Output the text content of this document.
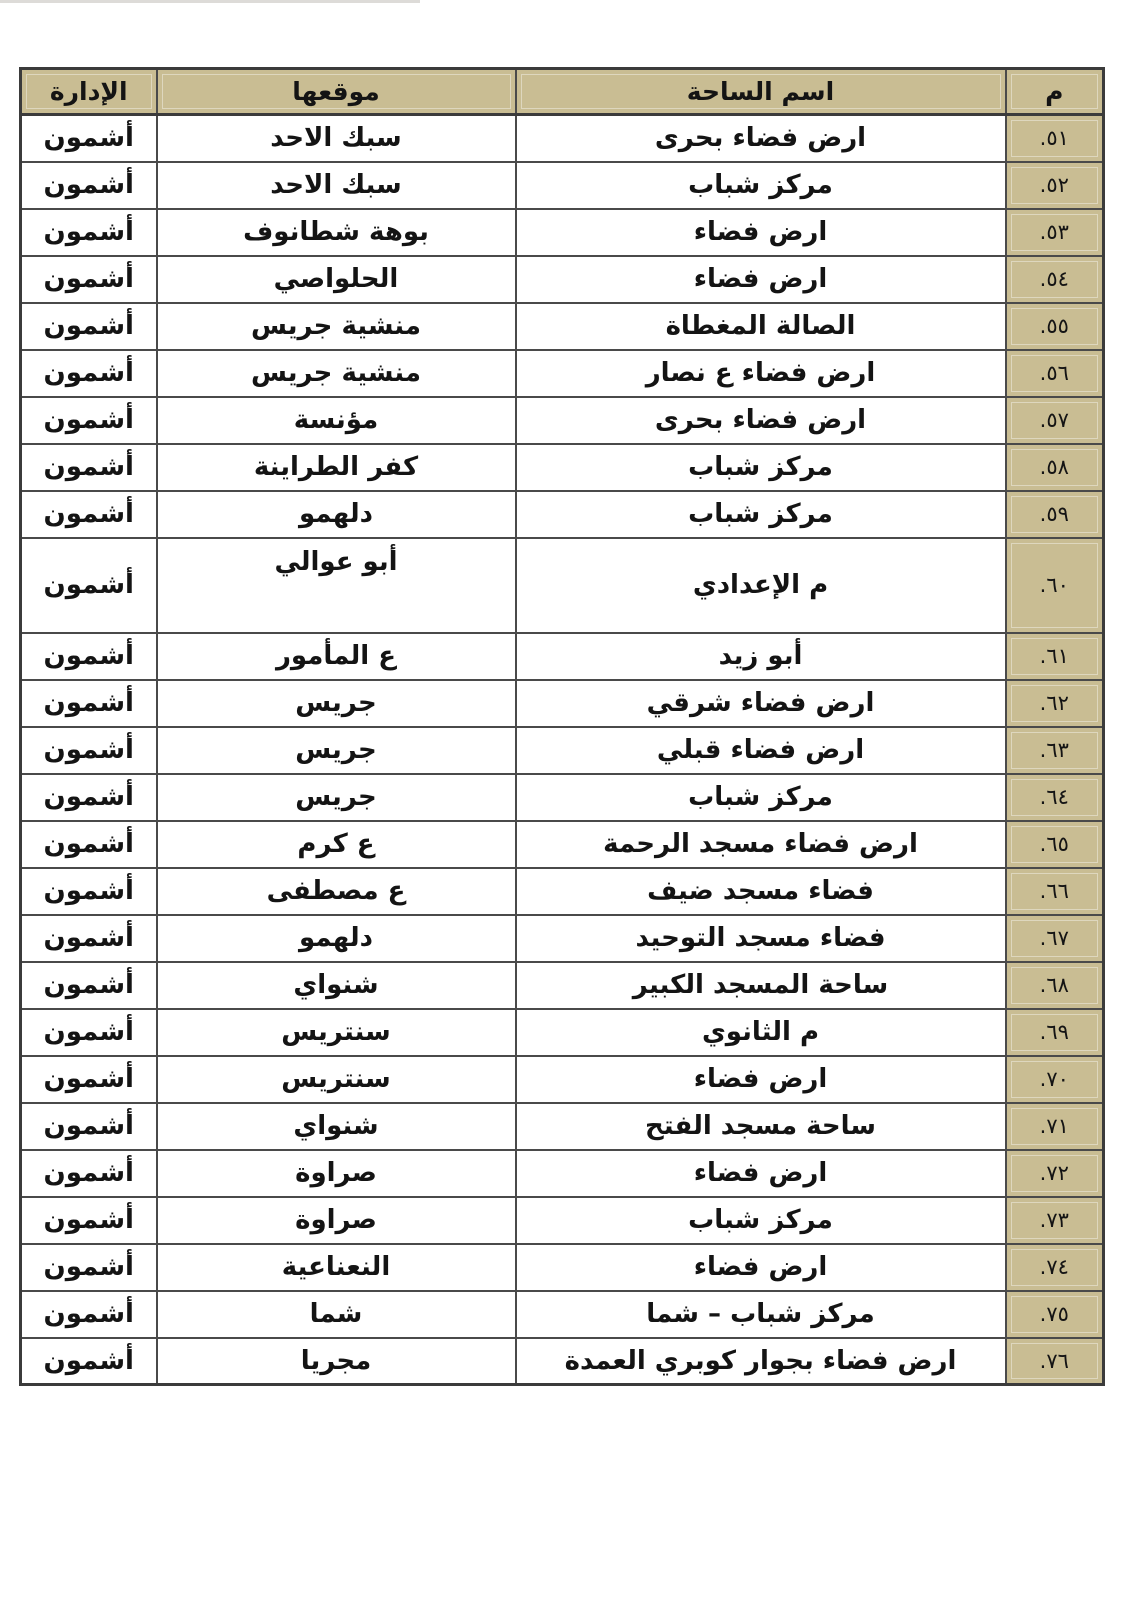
م	اسم الساحة	موقعها	الإدارة
٥١.	ارض فضاء بحرى	سبك الاحد	أشمون
٥٢.	مركز شباب	سبك الاحد	أشمون
٥٣.	ارض فضاء	بوهة شطانوف	أشمون
٥٤.	ارض فضاء	الحلواصي	أشمون
٥٥.	الصالة المغطاة	منشية جريس	أشمون
٥٦.	ارض فضاء ع نصار	منشية جريس	أشمون
٥٧.	ارض فضاء بحرى	مؤنسة	أشمون
٥٨.	مركز شباب	كفر الطراينة	أشمون
٥٩.	مركز شباب	دلهمو	أشمون
٦٠.	م الإعدادي	أبو عوالي	أشمون
٦١.	أبو زيد	ع المأمور	أشمون
٦٢.	ارض فضاء شرقي	جريس	أشمون
٦٣.	ارض فضاء قبلي	جريس	أشمون
٦٤.	مركز شباب	جريس	أشمون
٦٥.	ارض فضاء مسجد الرحمة	ع كرم	أشمون
٦٦.	فضاء مسجد ضيف	ع مصطفى	أشمون
٦٧.	فضاء مسجد التوحيد	دلهمو	أشمون
٦٨.	ساحة المسجد الكبير	شنواي	أشمون
٦٩.	م الثانوي	سنتريس	أشمون
٧٠.	ارض فضاء	سنتريس	أشمون
٧١.	ساحة مسجد الفتح	شنواي	أشمون
٧٢.	ارض فضاء	صراوة	أشمون
٧٣.	مركز شباب	صراوة	أشمون
٧٤.	ارض فضاء	النعناعية	أشمون
٧٥.	مركز شباب – شما	شما	أشمون
٧٦.	ارض فضاء بجوار كوبري العمدة	مجريا	أشمون
